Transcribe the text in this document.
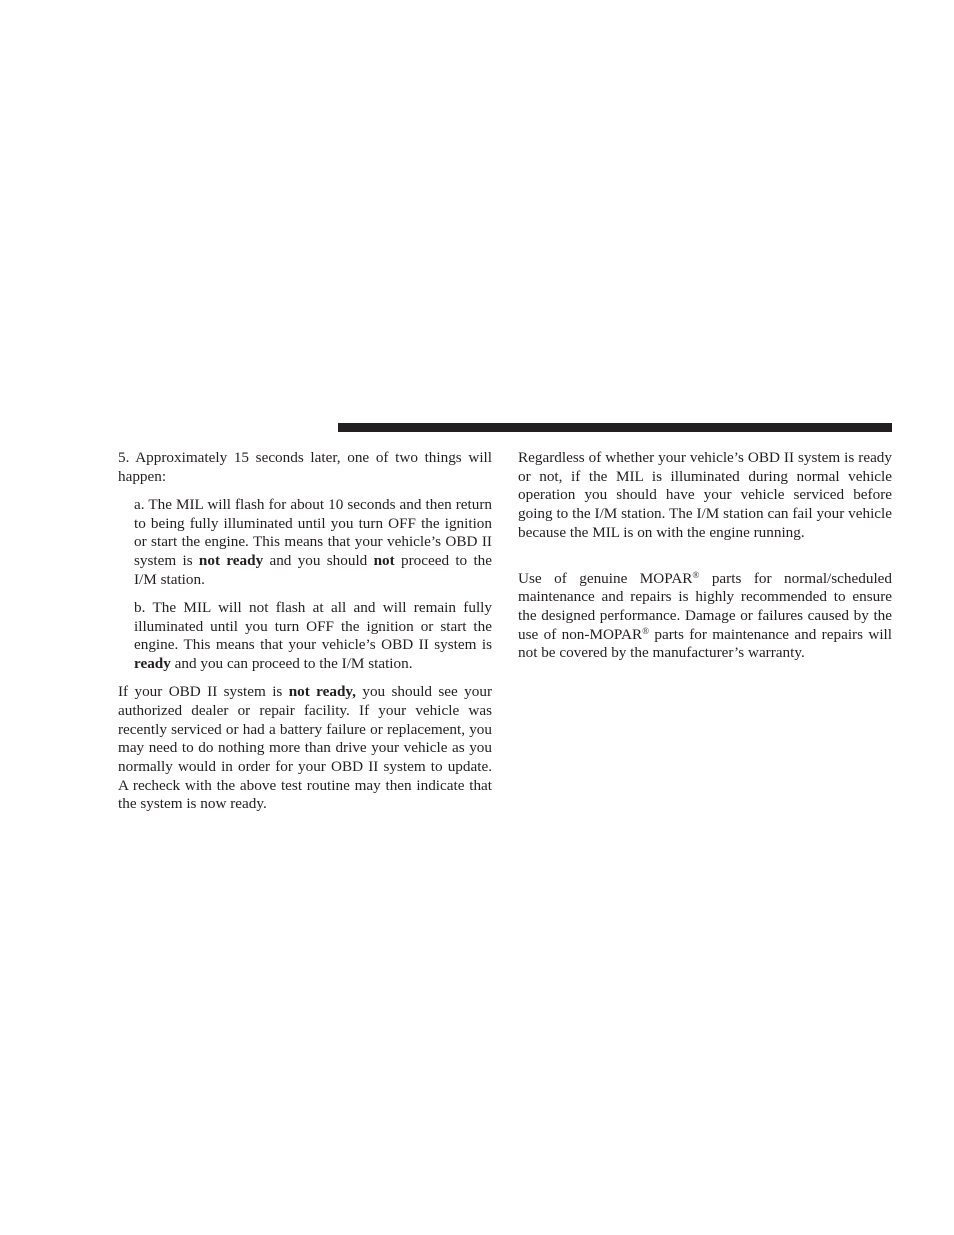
5. Approximately 15 seconds later, one of two things will happen:

a. The MIL will flash for about 10 seconds and then return to being fully illuminated until you turn OFF the ignition or start the engine. This means that your vehicle’s OBD II system is not ready and you should not proceed to the I/M station.

b. The MIL will not flash at all and will remain fully illuminated until you turn OFF the ignition or start the engine. This means that your vehicle’s OBD II system is ready and you can proceed to the I/M station.

If your OBD II system is not ready, you should see your authorized dealer or repair facility. If your vehicle was recently serviced or had a battery failure or replacement, you may need to do nothing more than drive your vehicle as you normally would in order for your OBD II system to update. A recheck with the above test routine may then indicate that the system is now ready.

Regardless of whether your vehicle’s OBD II system is ready or not, if the MIL is illuminated during normal vehicle operation you should have your vehicle serviced before going to the I/M station. The I/M station can fail your vehicle because the MIL is on with the engine running.

Use of genuine MOPAR® parts for normal/scheduled maintenance and repairs is highly recommended to ensure the designed performance. Damage or failures caused by the use of non-MOPAR® parts for maintenance and repairs will not be covered by the manufacturer’s warranty.
